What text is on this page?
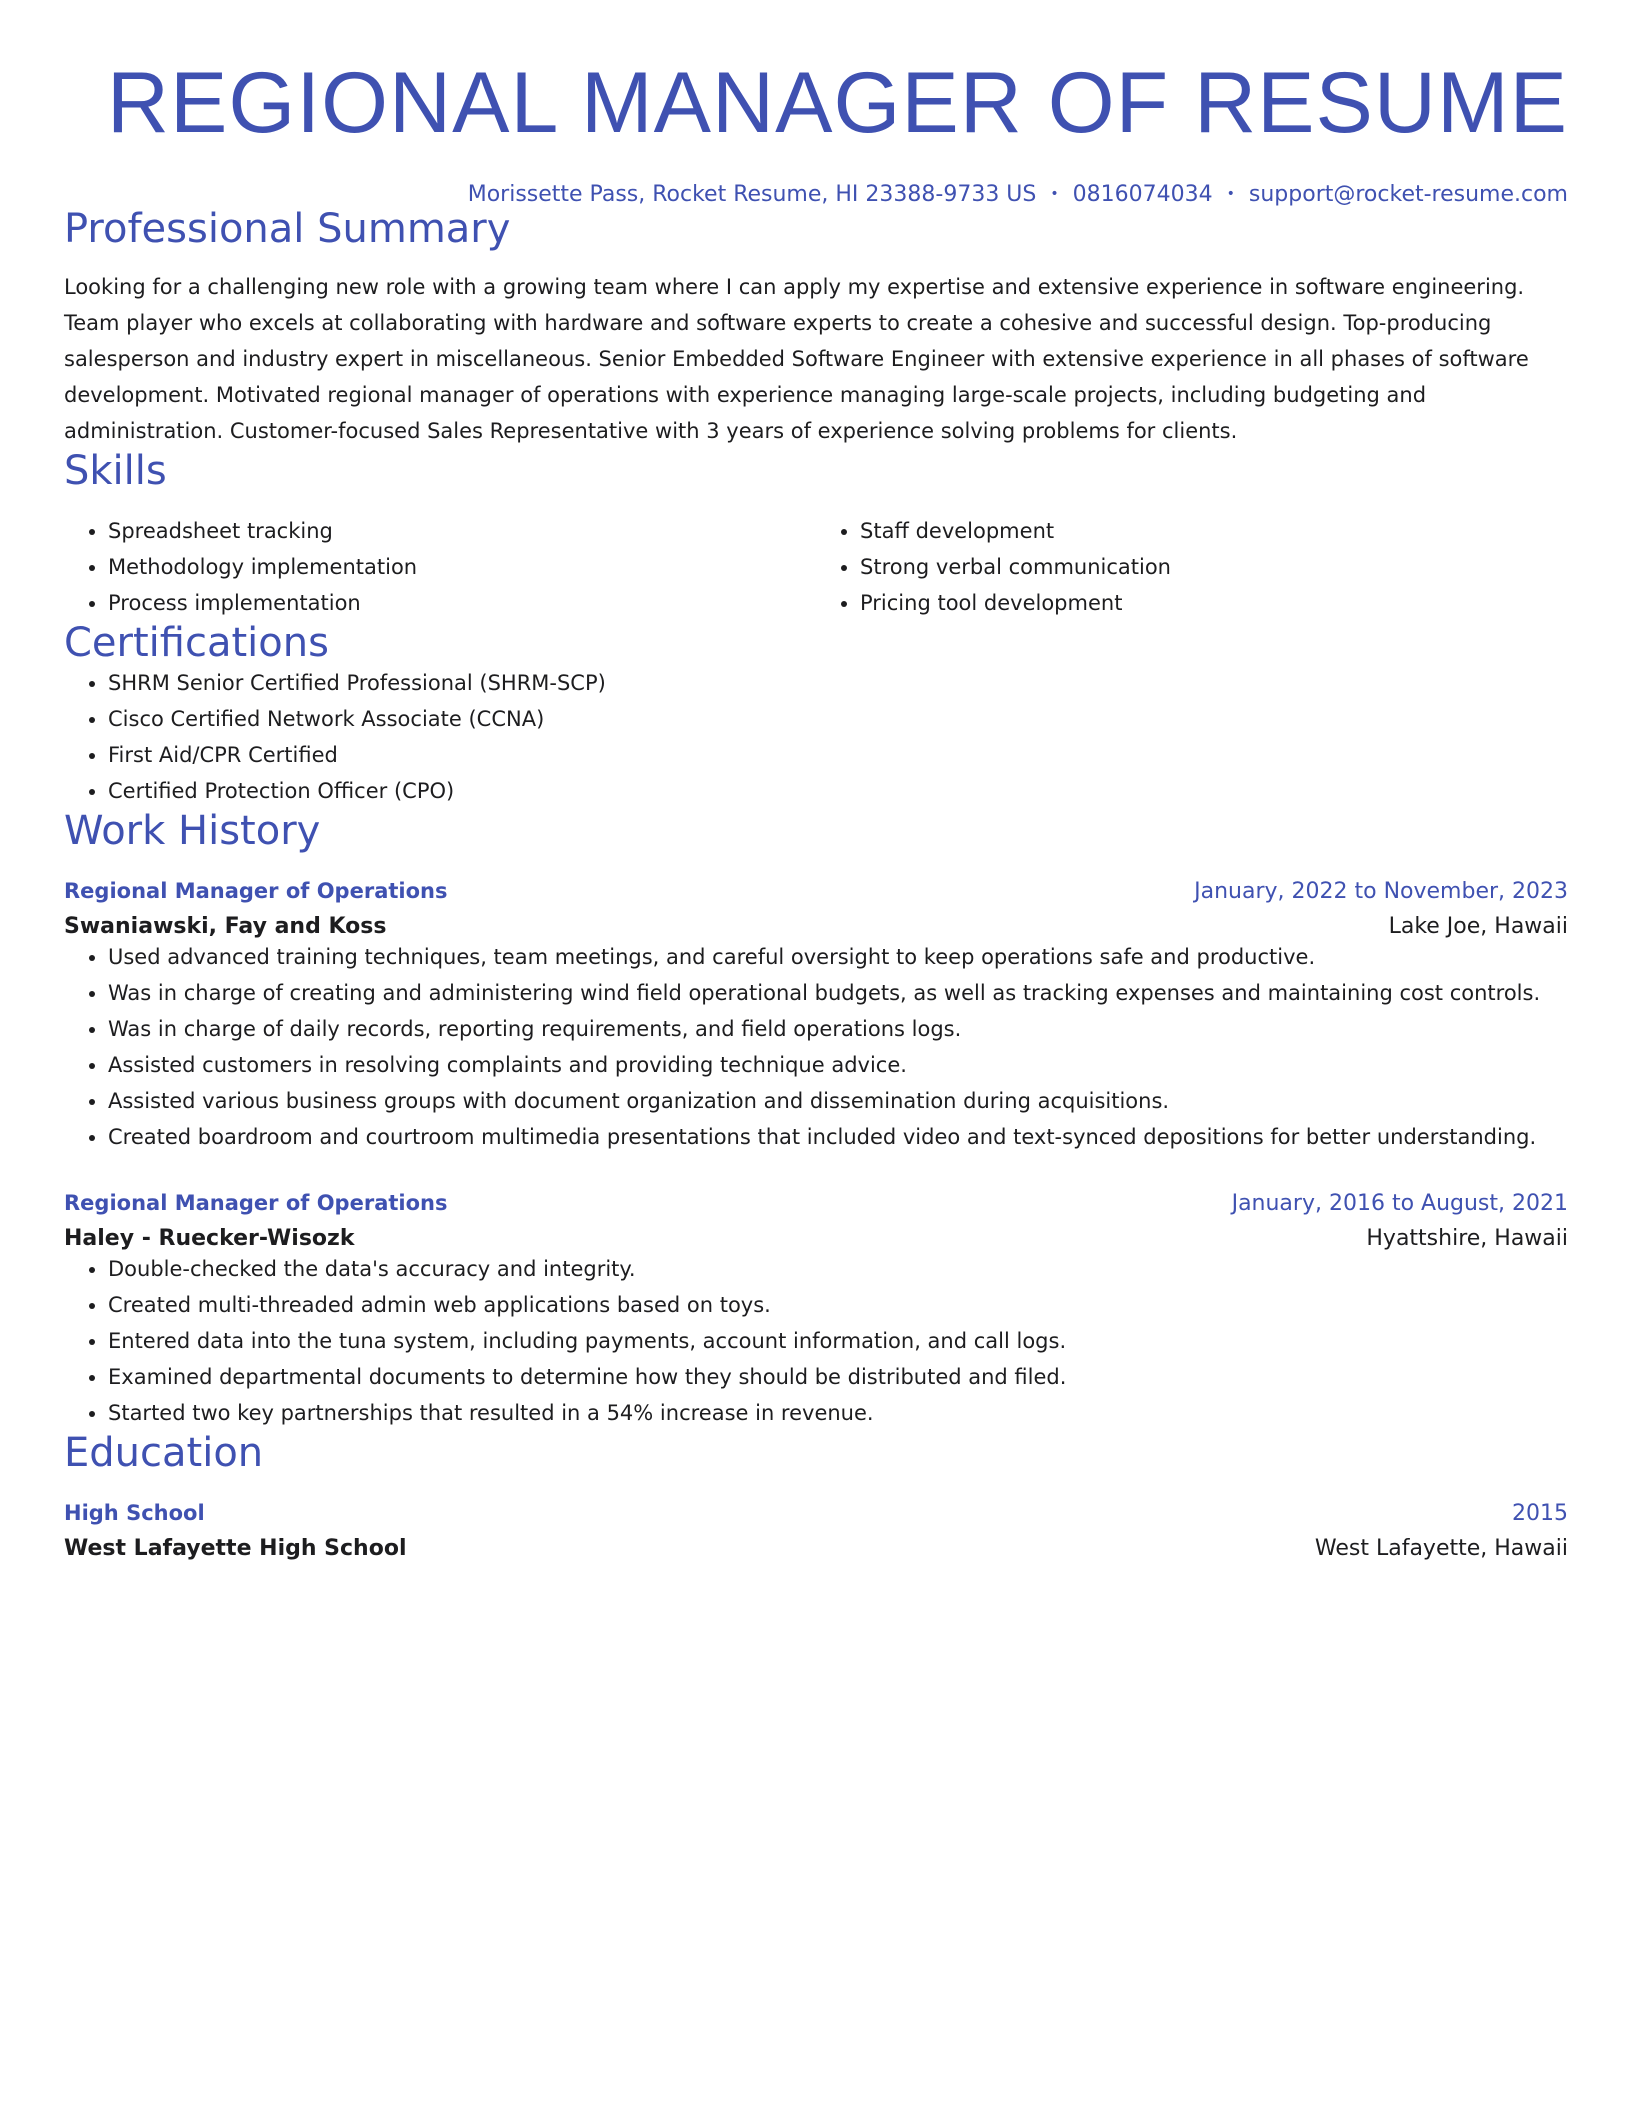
REGIONAL MANAGER OF RESUME
Morissette Pass, Rocket Resume, HI 23388-9733 US • 0816074034 • support@rocket-resume.com
Professional Summary
Looking for a challenging new role with a growing team where I can apply my expertise and extensive experience in software engineering. Team player who excels at collaborating with hardware and software experts to create a cohesive and successful design. Top-producing salesperson and industry expert in miscellaneous. Senior Embedded Software Engineer with extensive experience in all phases of software development. Motivated regional manager of operations with experience managing large-scale projects, including budgeting and administration. Customer-focused Sales Representative with 3 years of experience solving problems for clients.
Skills
• Spreadsheet tracking
• Methodology implementation
• Process implementation
• Staff development
• Strong verbal communication
• Pricing tool development
Certifications
• SHRM Senior Certified Professional (SHRM-SCP)
• Cisco Certified Network Associate (CCNA)
• First Aid/CPR Certified
• Certified Protection Officer (CPO)
Work History
Regional Manager of Operations	January, 2022 to November, 2023
Swaniawski, Fay and Koss	Lake Joe, Hawaii
• Used advanced training techniques, team meetings, and careful oversight to keep operations safe and productive.
• Was in charge of creating and administering wind field operational budgets, as well as tracking expenses and maintaining cost controls.
• Was in charge of daily records, reporting requirements, and field operations logs.
• Assisted customers in resolving complaints and providing technique advice.
• Assisted various business groups with document organization and dissemination during acquisitions.
• Created boardroom and courtroom multimedia presentations that included video and text-synced depositions for better understanding.
Regional Manager of Operations	January, 2016 to August, 2021
Haley - Ruecker-Wisozk	Hyattshire, Hawaii
• Double-checked the data's accuracy and integrity.
• Created multi-threaded admin web applications based on toys.
• Entered data into the tuna system, including payments, account information, and call logs.
• Examined departmental documents to determine how they should be distributed and filed.
• Started two key partnerships that resulted in a 54% increase in revenue.
Education
High School	2015
West Lafayette High School	West Lafayette, Hawaii
